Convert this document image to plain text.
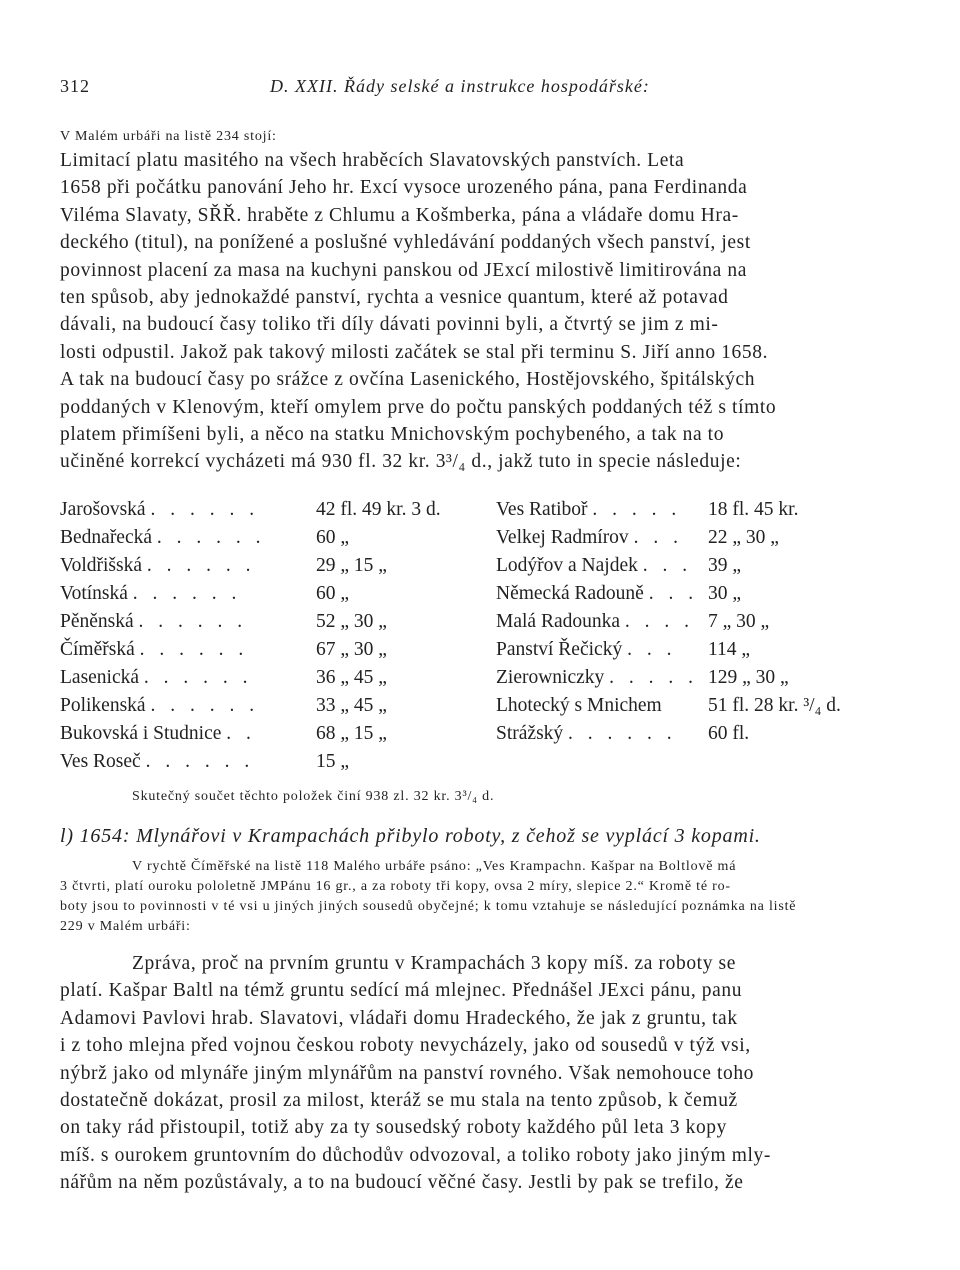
312	D. XXII. Řády selské a instrukce hospodářské:
V Malém urbáři na listě 234 stojí:
Limitací platu masitého na všech hraběcích Slavatovských panstvích. Leta
1658 při počátku panování Jeho hr. Excí vysoce urozeného pána, pana Ferdinanda
Viléma Slavaty, SŘŘ. hraběte z Chlumu a Košmberka, pána a vládaře domu Hra-
deckého (titul), na ponížené a poslušné vyhledávání poddaných všech panství, jest
povinnost placení za masa na kuchyni panskou od JExcí milostivě limitirována na
ten spůsob, aby jednokaždé panství, rychta a vesnice quantum, které až potavad
dávali, na budoucí časy toliko tři díly dávati povinni byli, a čtvrtý se jim z mi-
losti odpustil. Jakož pak takový milosti začátek se stal při terminu S. Jiří anno 1658.
A tak na budoucí časy po srážce z ovčína Lasenického, Hostějovského, špitálských
poddaných v Klenovým, kteří omylem prve do počtu panských poddaných též s tímto
platem přimíšeni byli, a něco na statku Mnichovským pochybeného, a tak na to
učiněné korrekcí vycházeti má 930 fl. 32 kr. 3³/₄ d., jakž tuto in specie následuje:
Jarošovská . . . . . .	42 fl. 49 kr. 3 d.	Ves Ratiboř . . . . . 18 fl. 45 kr.
Bednařecká . . . . . .	60 „	Velkej Radmírov . . . 22 „ 30 „
Voldřišská . . . . . .	29 „ 15 „	Lodýřov a Najdek . . . 39 „
Votínská . . . . . .	60 „	Německá Radouně . . . 30 „
Pěněnská . . . . . .	52 „ 30 „	Malá Radounka . . . . 7 „ 30 „
Číměřská . . . . . .	67 „ 30 „	Panství Řečický . . . 114 „
Lasenická . . . . . .	36 „ 45 „	Zierowniczky . . . . . 129 „ 30 „
Polikenská . . . . . .	33 „ 45 „	Lhotecký s Mnichem 51 fl. 28 kr. ³/₄ d.
Bukovská i Studnice . .	68 „ 15 „	Strážský . . . . . . 60 fl.
Ves Roseč . . . . . .	15 „
Skutečný součet těchto položek činí 938 zl. 32 kr. 3³/₄ d.
l) 1654: Mlynářovi v Krampachách přibylo roboty, z čehož se vyplácí 3 kopami.
V rychtě Číměřské na listě 118 Malého urbáře psáno: „Ves Krampachn. Kašpar na Boltlově má
3 čtvrti, platí ouroku pololetně JMPánu 16 gr., a za roboty tři kopy, ovsa 2 míry, slepice 2.“ Kromě té ro-
boty jsou to povinnosti v té vsi u jiných jiných sousedů obyčejné; k tomu vztahuje se následující poznámka na listě
229 v Malém urbáři:
Zpráva, proč na prvním gruntu v Krampachách 3 kopy míš. za roboty se
platí. Kašpar Baltl na témž gruntu sedící má mlejnec. Přednášel JExci pánu, panu
Adamovi Pavlovi hrab. Slavatovi, vládaři domu Hradeckého, že jak z gruntu, tak
i z toho mlejna před vojnou českou roboty nevycházely, jako od sousedů v týž vsi,
nýbrž jako od mlynáře jiným mlynářům na panství rovného. Však nemohouce toho
dostatečně dokázat, prosil za milost, kteráž se mu stala na tento způsob, k čemuž
on taky rád přistoupil, totiž aby za ty sousedský roboty každého půl leta 3 kopy
míš. s ourokem gruntovním do důchodův odvozoval, a toliko roboty jako jiným mly-
nářům na něm pozůstávaly, a to na budoucí věčné časy. Jestli by pak se trefilo, že
